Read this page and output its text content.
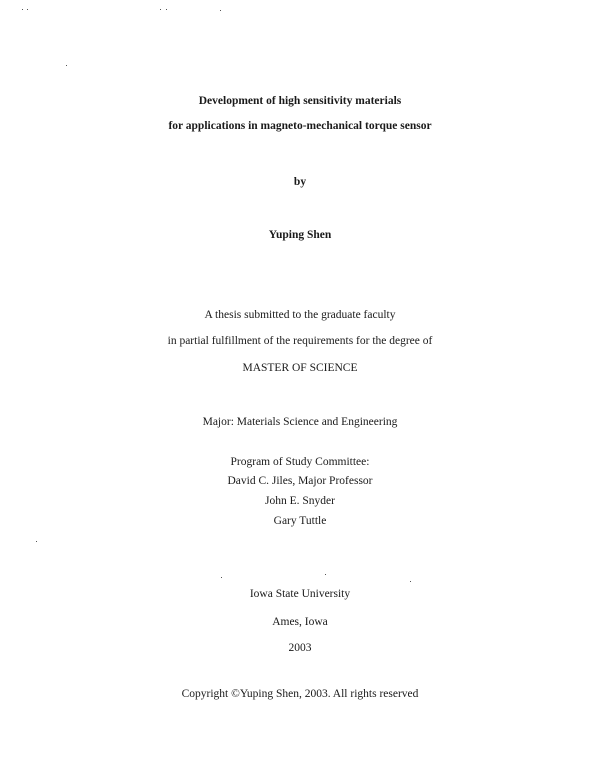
Development of high sensitivity materials
for applications in magneto-mechanical torque sensor
by
Yuping Shen
A thesis submitted to the graduate faculty
in partial fulfillment of the requirements for the degree of
MASTER OF SCIENCE
Major: Materials Science and Engineering
Program of Study Committee:
David C. Jiles, Major Professor
John E. Snyder
Gary Tuttle
Iowa State University
Ames, Iowa
2003
Copyright ©Yuping Shen, 2003. All rights reserved
